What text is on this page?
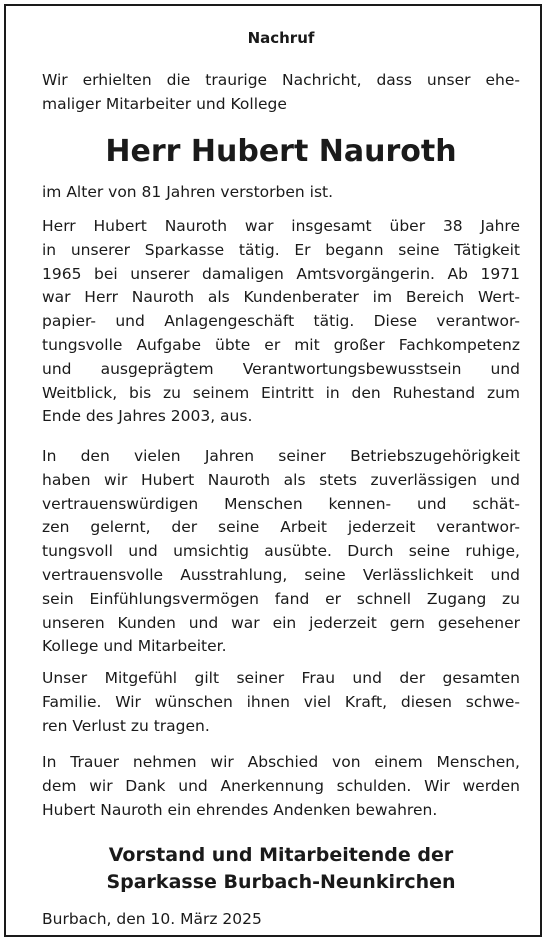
Nachruf
Wir erhielten die traurige Nachricht, dass unser ehe-
maliger Mitarbeiter und Kollege
Herr Hubert Nauroth
im Alter von 81 Jahren verstorben ist.
Herr Hubert Nauroth war insgesamt über 38 Jahre
in unserer Sparkasse tätig. Er begann seine Tätigkeit
1965 bei unserer damaligen Amtsvorgängerin. Ab 1971
war Herr Nauroth als Kundenberater im Bereich Wert-
papier- und Anlagengeschäft tätig. Diese verantwor-
tungsvolle Aufgabe übte er mit großer Fachkompetenz
und ausgeprägtem Verantwortungsbewusstsein und
Weitblick, bis zu seinem Eintritt in den Ruhestand zum
Ende des Jahres 2003, aus.
In den vielen Jahren seiner Betriebszugehörigkeit
haben wir Hubert Nauroth als stets zuverlässigen und
vertrauenswürdigen Menschen kennen- und schät-
zen gelernt, der seine Arbeit jederzeit verantwor-
tungsvoll und umsichtig ausübte. Durch seine ruhige,
vertrauensvolle Ausstrahlung, seine Verlässlichkeit und
sein Einfühlungsvermögen fand er schnell Zugang zu
unseren Kunden und war ein jederzeit gern gesehener
Kollege und Mitarbeiter.
Unser Mitgefühl gilt seiner Frau und der gesamten
Familie. Wir wünschen ihnen viel Kraft, diesen schwe-
ren Verlust zu tragen.
In Trauer nehmen wir Abschied von einem Menschen,
dem wir Dank und Anerkennung schulden. Wir werden
Hubert Nauroth ein ehrendes Andenken bewahren.
Vorstand und Mitarbeitende der
Sparkasse Burbach-Neunkirchen
Burbach, den 10. März 2025
